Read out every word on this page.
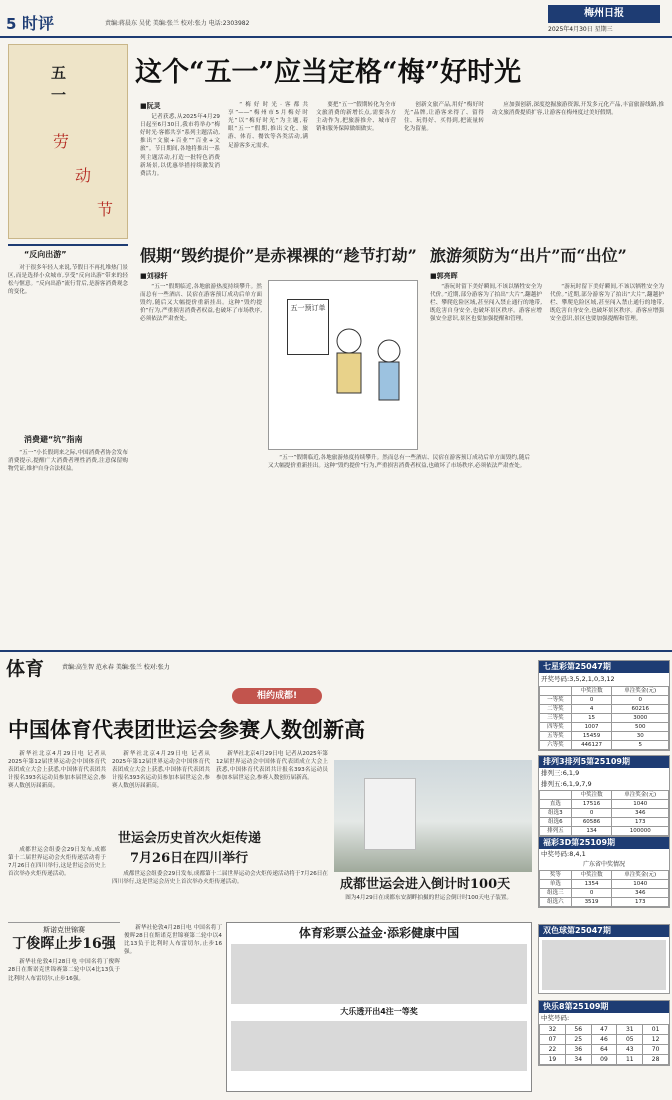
5 时评	责编:蒋晨东 吴优 美编:张兰 校对:张力 电话:2303982
梅州日报
2025年4月30日 星期三
五
一
劳
动
节
这个“五一”应当定格“梅”好时光
■阮灵

记者获悉,从2025年4月29日起至6月30日,我市将举办“梅好时光·客都共享”系列主题活动,推出“文旅+百业”“百业+文旅”。节日期间,各地将推出一系列主题活动,打造一批特色消费新场景,以优惠举措持续激发消费活力。

“梅好时光·客都共享”——“梅州市5月梅好时光”以“梅好时光”为主题,着眼“五一”假期,推出文化、旅游、体育、餐饮等各类活动,满足游客多元需求。

要把“五一”假期转化为全市文旅消费的新增长点,需要各方主动作为,把旅游推介、城市营销和服务保障做细做实。

创新文旅产品,用好“梅好时光”品牌,让游客来得了、留得住、玩得好、买得到,把流量转化为留量。

应加强创新,深度挖掘旅游资源,开发多元化产品,丰富旅游线路,推动文旅消费提质扩容,让游客在梅州度过美好假期。

“反向出游”

对于很多年轻人来说,节假日不再扎堆热门景区,而是选择小众城市,享受“反向出游”带来的轻松与惬意。“反向出游”流行背后,是游客消费观念的变化。

消费避“坑”指南

“五一”小长假到来之际,中国消费者协会发布消费提示,提醒广大消费者理性消费,注意保留购物凭证,维护自身合法权益。

假期“毁约提价”是赤裸裸的“趁节打劫”
■刘禄轩
五一预订单

“五一”假期临近,各地旅游热度持续攀升。然而总有一些酒店、民宿在游客预订成功后单方面毁约,随后又大幅提价重新挂出。这种“毁约提价”行为,严重损害消费者权益,也破坏了市场秩序,必须依法严肃查处。

“五一”假期临近,各地旅游热度持续攀升。然而总有一些酒店、民宿在游客预订成功后单方面毁约,随后又大幅提价重新挂出。这种“毁约提价”行为,严重损害消费者权益,也破坏了市场秩序,必须依法严肃查处。

旅游须防为“出片”而“出位”
■郭亮晖

“游玩时留下美好瞬间,不该以牺牲安全为代价。”近期,部分游客为了拍出“大片”,翻越护栏、攀爬危险区域,甚至闯入禁止通行的地带,既危害自身安全,也破坏景区秩序。游客应增强安全意识,景区也要加强提醒和管理。

“游玩时留下美好瞬间,不该以牺牲安全为代价。”近期,部分游客为了拍出“大片”,翻越护栏、攀爬危险区域,甚至闯入禁止通行的地带,既危害自身安全,也破坏景区秩序。游客应增强安全意识,景区也要加强提醒和管理。

体育	责编:高生智 范永春 美编:张兰 校对:张力
相约成都!
中国体育代表团世运会参赛人数创新高

新华社北京4月29日电 记者从2025年第12届世界运动会中国体育代表团成立大会上获悉,中国体育代表团共计报名393名运动员参加本届世运会,参赛人数创历届新高。

新华社北京4月29日电 记者从2025年第12届世界运动会中国体育代表团成立大会上获悉,中国体育代表团共计报名393名运动员参加本届世运会,参赛人数创历届新高。

新华社北京4月29日电 记者从2025年第12届世界运动会中国体育代表团成立大会上获悉,中国体育代表团共计报名393名运动员参加本届世运会,参赛人数创历届新高。

成都世运会组委会29日发布,成都第十二届世界运动会火炬传递活动将于7月26日在四川举行,这是世运会历史上首次举办火炬传递活动。

世运会历史首次火炬传递
7月26日在四川举行

成都世运会组委会29日发布,成都第十二届世界运动会火炬传递活动将于7月26日在四川举行,这是世运会历史上首次举办火炬传递活动。	成都世运会进入倒计时100天

图为4月29日在成都东安湖畔拍摄的世运会倒计时100天电子装置。

斯诺克世锦赛
丁俊晖止步16强

新华社伦敦4月28日电 中国名将丁俊晖28日在斯诺克世锦赛第二轮中以4比13负于比利时人布雷切尔,止步16强。

新华社伦敦4月28日电 中国名将丁俊晖28日在斯诺克世锦赛第二轮中以4比13负于比利时人布雷切尔,止步16强。

体育彩票公益金·添彩健康中国
大乐透开出4注一等奖
七星彩第25047期
开奖号码:3,5,2,1,0,3,12
	中奖注数	单注奖金(元)
一等奖	0	0
二等奖	4	60216
三等奖	15	3000
四等奖	1007	500
五等奖	15459	30
六等奖	446127	5
排列3排列5第25109期
排列三:6,1,9
排列五:6,1,9,7,9
	中奖注数	单注奖金(元)
直选	17516	1040
组选3	0	346
组选6	60586	173
排列五	134	100000
福彩3D第25109期
中奖号码:8,4,1
广东省中奖情况
奖等	中奖注数	单注奖金(元)
单选	1354	1040
组选三	0	346
组选六	3519	173
双色球第25047期
快乐8第25109期
中奖号码:
32	56	47	31	01
07	25	46	05	12
22	36	64	43	70
19	34	09	11	28
